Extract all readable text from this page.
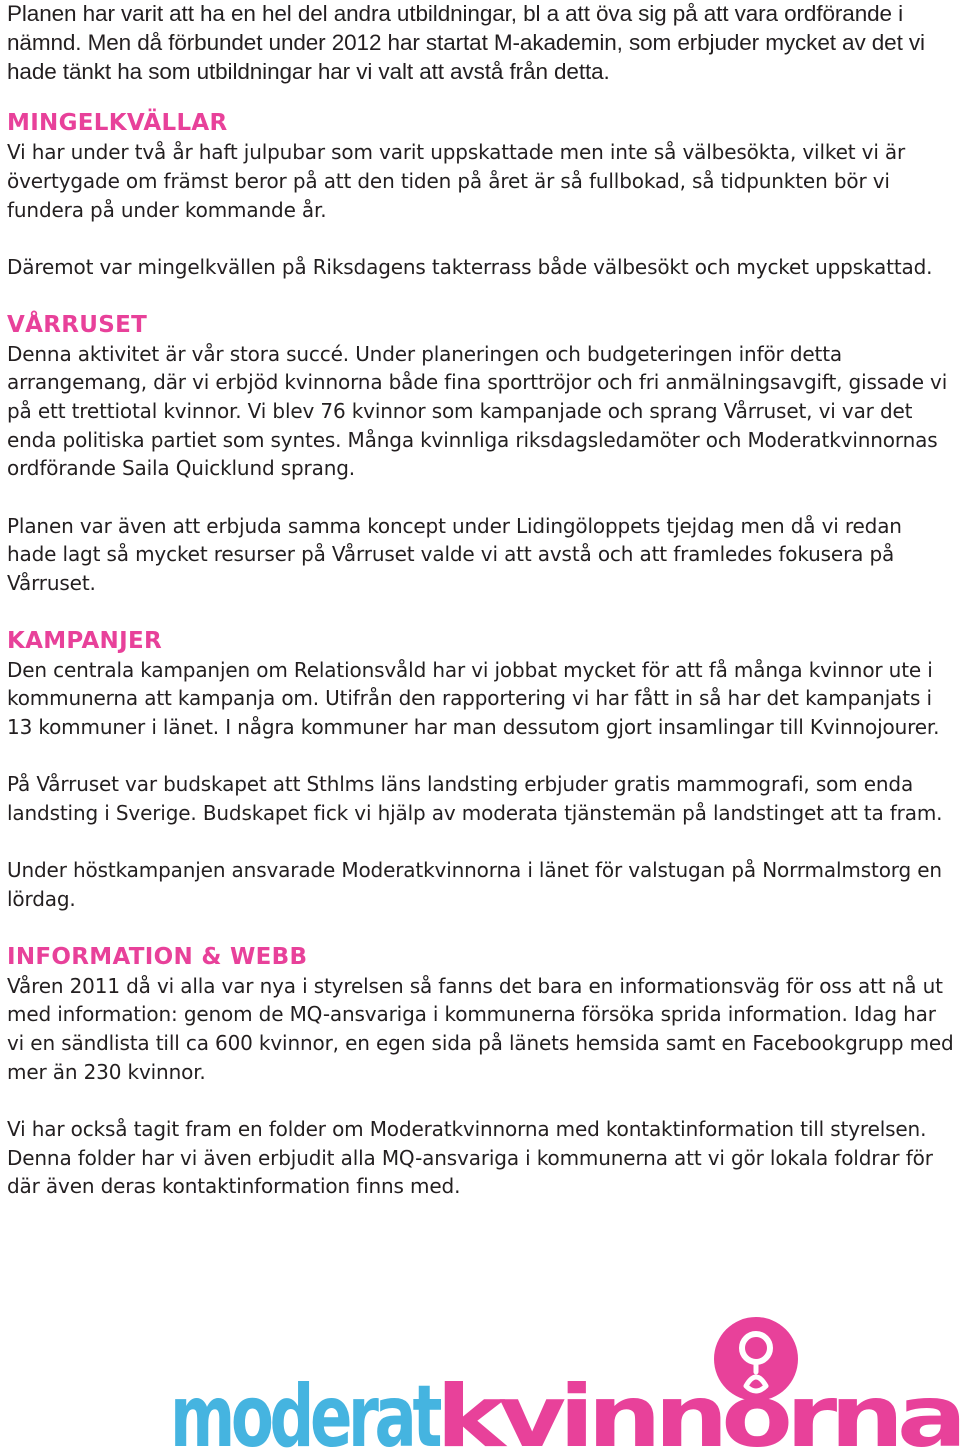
Planen har varit att ha en hel del andra utbildningar, bl a att öva sig på att vara ordförande i nämnd. Men då förbundet under 2012 har startat M-akademin, som erbjuder mycket av det vi hade tänkt ha som utbildningar har vi valt att avstå från detta.

MINGELKVÄLLAR

Vi har under två år haft julpubar som varit uppskattade men inte så välbesökta, vilket vi är övertygade om främst beror på att den tiden på året är så fullbokad, så tidpunkten bör vi fundera på under kommande år.

Däremot var mingelkvällen på Riksdagens takterrass både välbesökt och mycket uppskattad.

VÅRRUSET

Denna aktivitet är vår stora succé. Under planeringen och budgeteringen inför detta arrangemang, där vi erbjöd kvinnorna både fina sporttröjor och fri anmälningsavgift, gissade vi på ett trettiotal kvinnor. Vi blev 76 kvinnor som kampanjade och sprang Vårruset, vi var det enda politiska partiet som syntes. Många kvinnliga riksdagsledamöter och Moderatkvinnornas ordförande Saila Quicklund sprang.

Planen var även att erbjuda samma koncept under Lidingöloppets tjejdag men då vi redan hade lagt så mycket resurser på Vårruset valde vi att avstå och att framledes fokusera på Vårruset.

KAMPANJER

Den centrala kampanjen om Relationsvåld har vi jobbat mycket för att få många kvinnor ute i kommunerna att kampanja om. Utifrån den rapportering vi har fått in så har det kampanjats i 13 kommuner i länet. I några kommuner har man dessutom gjort insamlingar till Kvinnojourer.

På Vårruset var budskapet att Sthlms läns landsting erbjuder gratis mammografi, som enda landsting i Sverige. Budskapet fick vi hjälp av moderata tjänstemän på landstinget att ta fram.

Under höstkampanjen ansvarade Moderatkvinnorna i länet för valstugan på Norrmalmstorg en lördag.

INFORMATION & WEBB

Våren 2011 då vi alla var nya i styrelsen så fanns det bara en informationsväg för oss att nå ut med information: genom de MQ-ansvariga i kommunerna försöka sprida information. Idag har vi en sändlista till ca 600 kvinnor, en egen sida på länets hemsida samt en Facebookgrupp med mer än 230 kvinnor.

Vi har också tagit fram en folder om Moderatkvinnorna med kontaktinformation till styrelsen. Denna folder har vi även erbjudit alla MQ-ansvariga i kommunerna att vi gör lokala foldrar för där även deras kontaktinformation finns med.

moderat
kvinnorna
